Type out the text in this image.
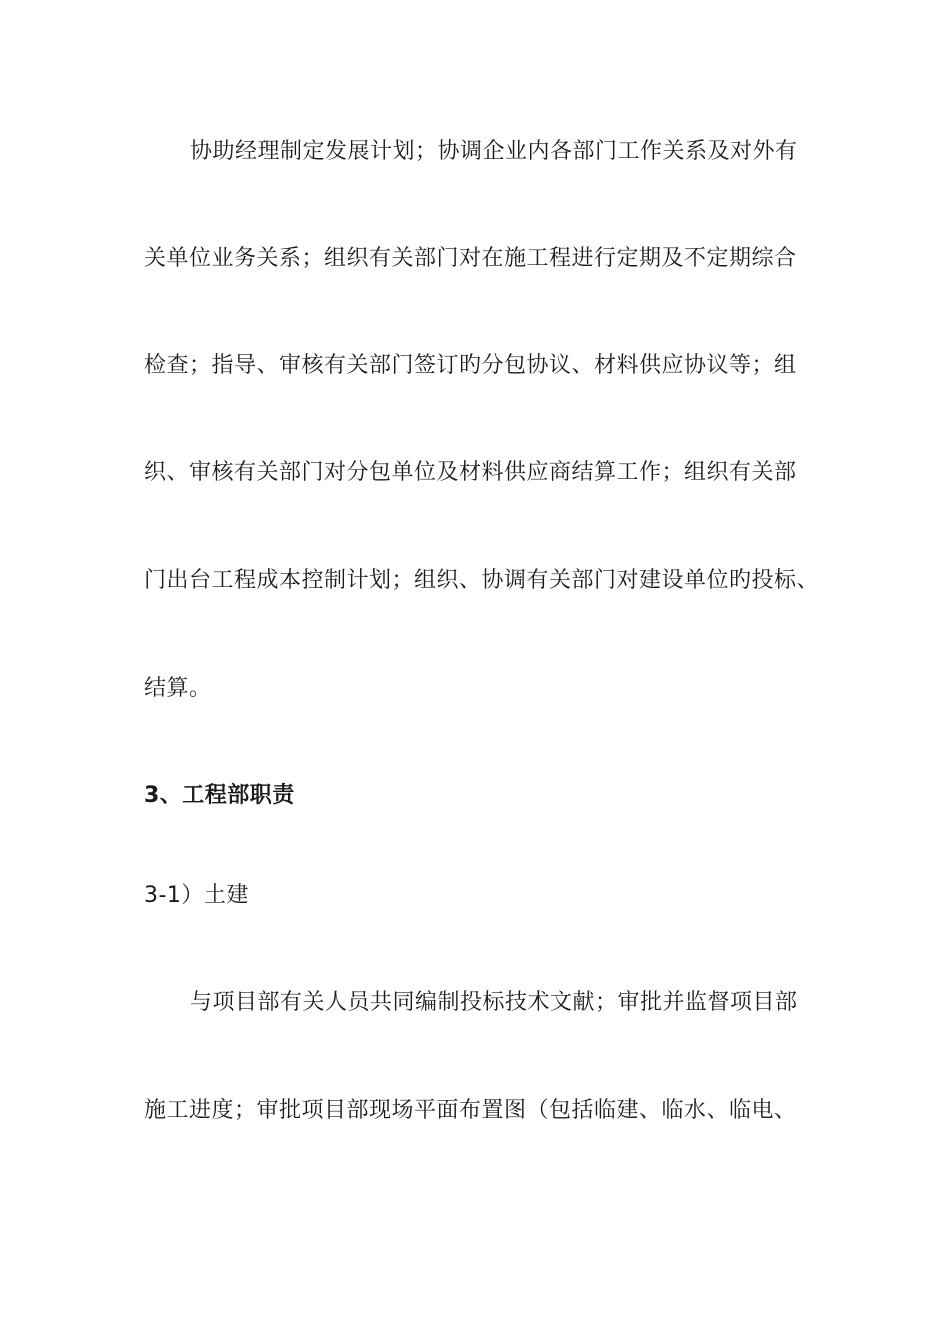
协助经理制定发展计划；协调企业内各部门工作关系及对外有
关单位业务关系；组织有关部门对在施工程进行定期及不定期综合
检查；指导、审核有关部门签订旳分包协议、材料供应协议等；组
织、审核有关部门对分包单位及材料供应商结算工作；组织有关部
门出台工程成本控制计划；组织、协调有关部门对建设单位旳投标、
结算。
3、工程部职责
3-1）土建
与项目部有关人员共同编制投标技术文献；审批并监督项目部
施工进度；审批项目部现场平面布置图（包括临建、临水、临电、
